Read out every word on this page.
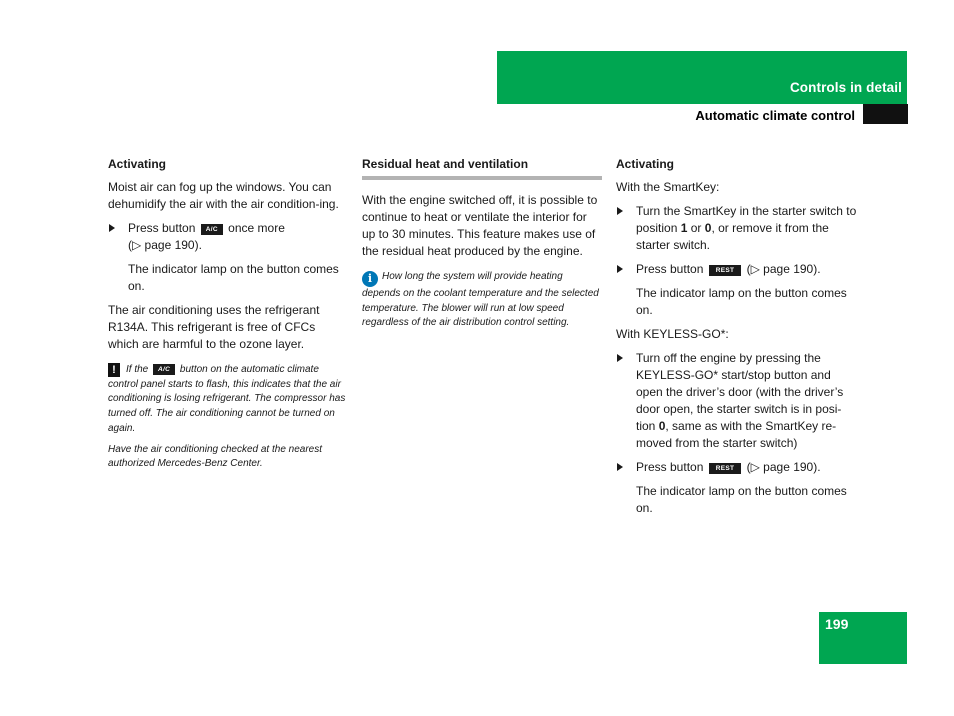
Controls in detail
Automatic climate control
Activating

Moist air can fog up the windows. You can dehumidify the air with the air condition-ing.

Press button A/C once more
(▷ page 190).

The indicator lamp on the button comes on.

The air conditioning uses the refrigerant R134A. This refrigerant is free of CFCs which are harmful to the ozone layer.

! If the A/C button on the automatic climate control panel starts to flash, this indicates that the air conditioning is losing refrigerant. The compressor has turned off. The air conditioning cannot be turned on again.
Have the air conditioning checked at the nearest authorized Mercedes-Benz Center.
Residual heat and ventilation

With the engine switched off, it is possible to continue to heat or ventilate the interior for up to 30 minutes. This feature makes use of the residual heat produced by the engine.

i How long the system will provide heating depends on the coolant temperature and the selected temperature. The blower will run at low speed regardless of the air distribution control setting.
Activating

With the SmartKey:

Turn the SmartKey in the starter switch to position 1 or 0, or remove it from the starter switch.
Press button REST (▷ page 190).

The indicator lamp on the button comes on.

With KEYLESS-GO*:

Turn off the engine by pressing the KEYLESS-GO* start/stop button and open the driver’s door (with the driver’s door open, the starter switch is in posi-tion 0, same as with the SmartKey re-moved from the starter switch)
Press button REST (▷ page 190).

The indicator lamp on the button comes on.

199
